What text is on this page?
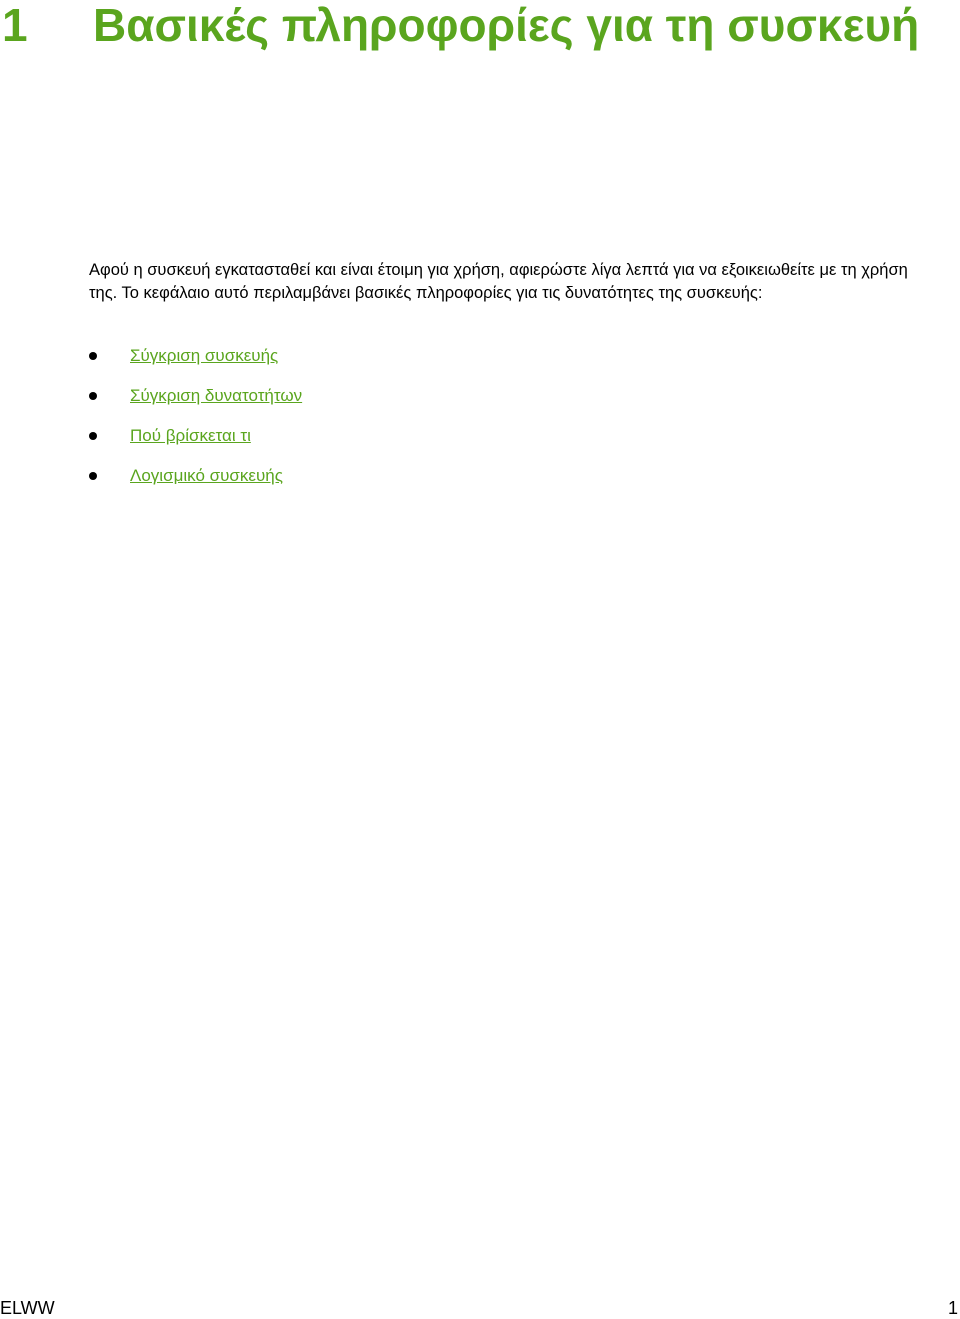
1 Βασικές πληροφορίες για τη συσκευή

Αφού η συσκευή εγκατασταθεί και είναι έτοιμη για χρήση, αφιερώστε λίγα λεπτά για να εξοικειωθείτε με τη χρήση της. Το κεφάλαιο αυτό περιλαμβάνει βασικές πληροφορίες για τις δυνατότητες της συσκευής:

Σύγκριση συσκευής
Σύγκριση δυνατοτήτων
Πού βρίσκεται τι
Λογισμικό συσκευής
ELWW	1
